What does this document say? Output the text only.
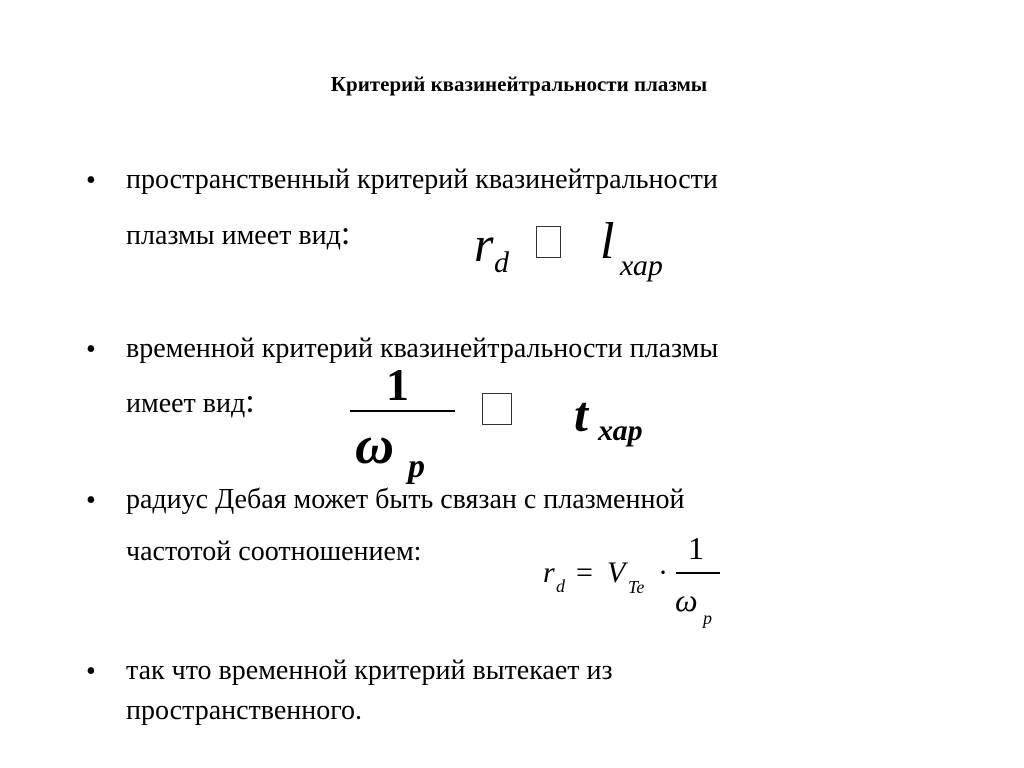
Критерий квазинейтральности плазмы
• пространственный критерий квазинейтральности
плазмы имеет вид: r d l хар
• временной критерий квазинейтральности плазмы
имеет вид:	1
ω p
t хар
• радиус Дебая может быть связан с плазменной
частотой соотношением:
r d = V Te ·
1
ω p
• так что временной критерий вытекает из
пространственного.
